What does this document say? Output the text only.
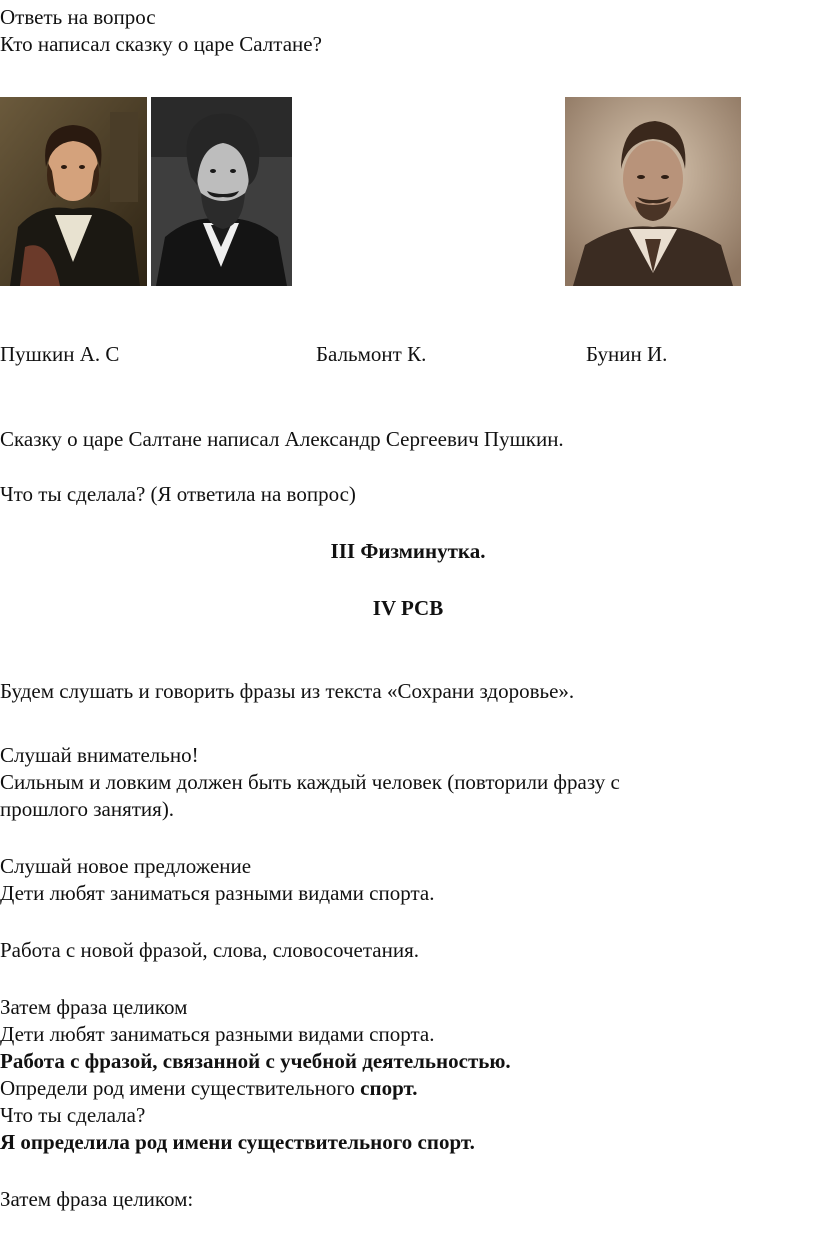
Ответь на вопрос
Кто написал сказку о царе Салтане?
Пушкин А. С	Бальмонт К.	Бунин И.
Сказку о царе Салтане написал Александр Сергеевич Пушкин.
Что ты сделала? (Я ответила на вопрос)
III Физминутка.
IV РСВ
Будем слушать и говорить фразы из текста «Сохрани здоровье».
Слушай внимательно!
Сильным и ловким должен быть каждый человек (повторили фразу с
прошлого занятия).
Слушай новое предложение
Дети любят заниматься разными видами спорта.
Работа с новой фразой, слова, словосочетания.
Затем фраза целиком
Дети любят заниматься разными видами спорта.
Работа с фразой, связанной с учебной деятельностью.
Определи род имени существительного спорт.
Что ты сделала?
Я определила род имени существительного спорт.
Затем фраза целиком:
